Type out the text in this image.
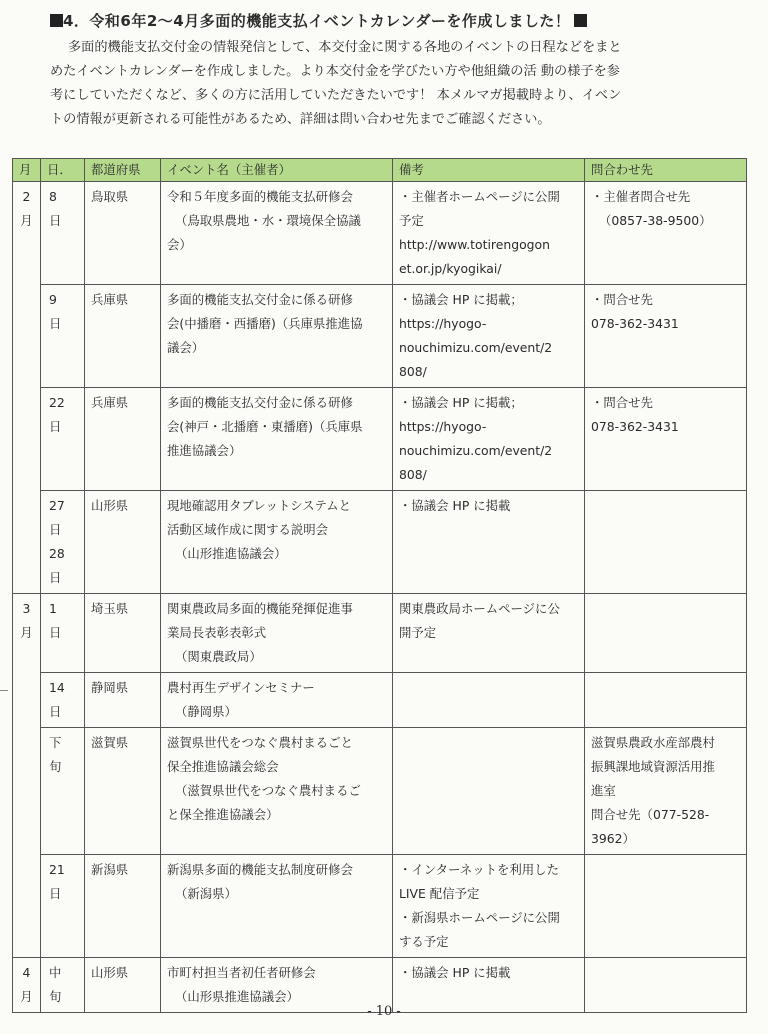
4．令和6年2～4月多面的機能支払イベントカレンダーを作成しました！

多面的機能支払交付金の情報発信として、本交付金に関する各地のイベントの日程などをまと

めたイベントカレンダーを作成しました。より本交付金を学びたい方や他組織の活 動の様子を参

考にしていただくなど、多くの方に活用していただきたいです！ 本メルマガ掲載時より、イベン

トの情報が更新される可能性があるため、詳細は問い合わせ先までご確認ください。

月	日．	都道府県	イベント名（主催者）	備考	問合わせ先

2
月	8
日	鳥取県	令和５年度多面的機能支払研修会
（鳥取県農地・水・環境保全協議
会）	・主催者ホームページに公開
予定
http://www.totirengogon
et.or.jp/kyogikai/	・主催者問合せ先
（0857-38-9500）

	9
日	兵庫県	多面的機能支払交付金に係る研修
会(中播磨・西播磨)（兵庫県推進協
議会）	・協議会 HP に掲載；
https://hyogo-
nouchimizu.com/event/2
808/	・問合せ先
078-362-3431

	22
日	兵庫県	多面的機能支払交付金に係る研修
会(神戸・北播磨・東播磨)（兵庫県
推進協議会）	・協議会 HP に掲載；
https://hyogo-
nouchimizu.com/event/2
808/	・問合せ先
078-362-3431

	27
日
28
日	山形県	現地確認用タブレットシステムと
活動区域作成に関する説明会
（山形推進協議会）	・協議会 HP に掲載	

3
月	1
日	埼玉県	関東農政局多面的機能発揮促進事
業局長表彰表彰式
（関東農政局）	関東農政局ホームページに公
開予定	

	14
日	静岡県	農村再生デザインセミナー
（静岡県）		

	下
旬	滋賀県	滋賀県世代をつなぐ農村まるごと
保全推進協議会総会
（滋賀県世代をつなぐ農村まるご
と保全推進協議会）		滋賀県農政水産部農村
振興課地域資源活用推
進室
問合せ先（077-528-
3962）

	21
日	新潟県	新潟県多面的機能支払制度研修会
（新潟県）	・インターネットを利用した
LIVE 配信予定
・新潟県ホームページに公開
する予定	

4
月	中
旬	山形県	市町村担当者初任者研修会
（山形県推進協議会）	・協議会 HP に掲載	

- 10 -
